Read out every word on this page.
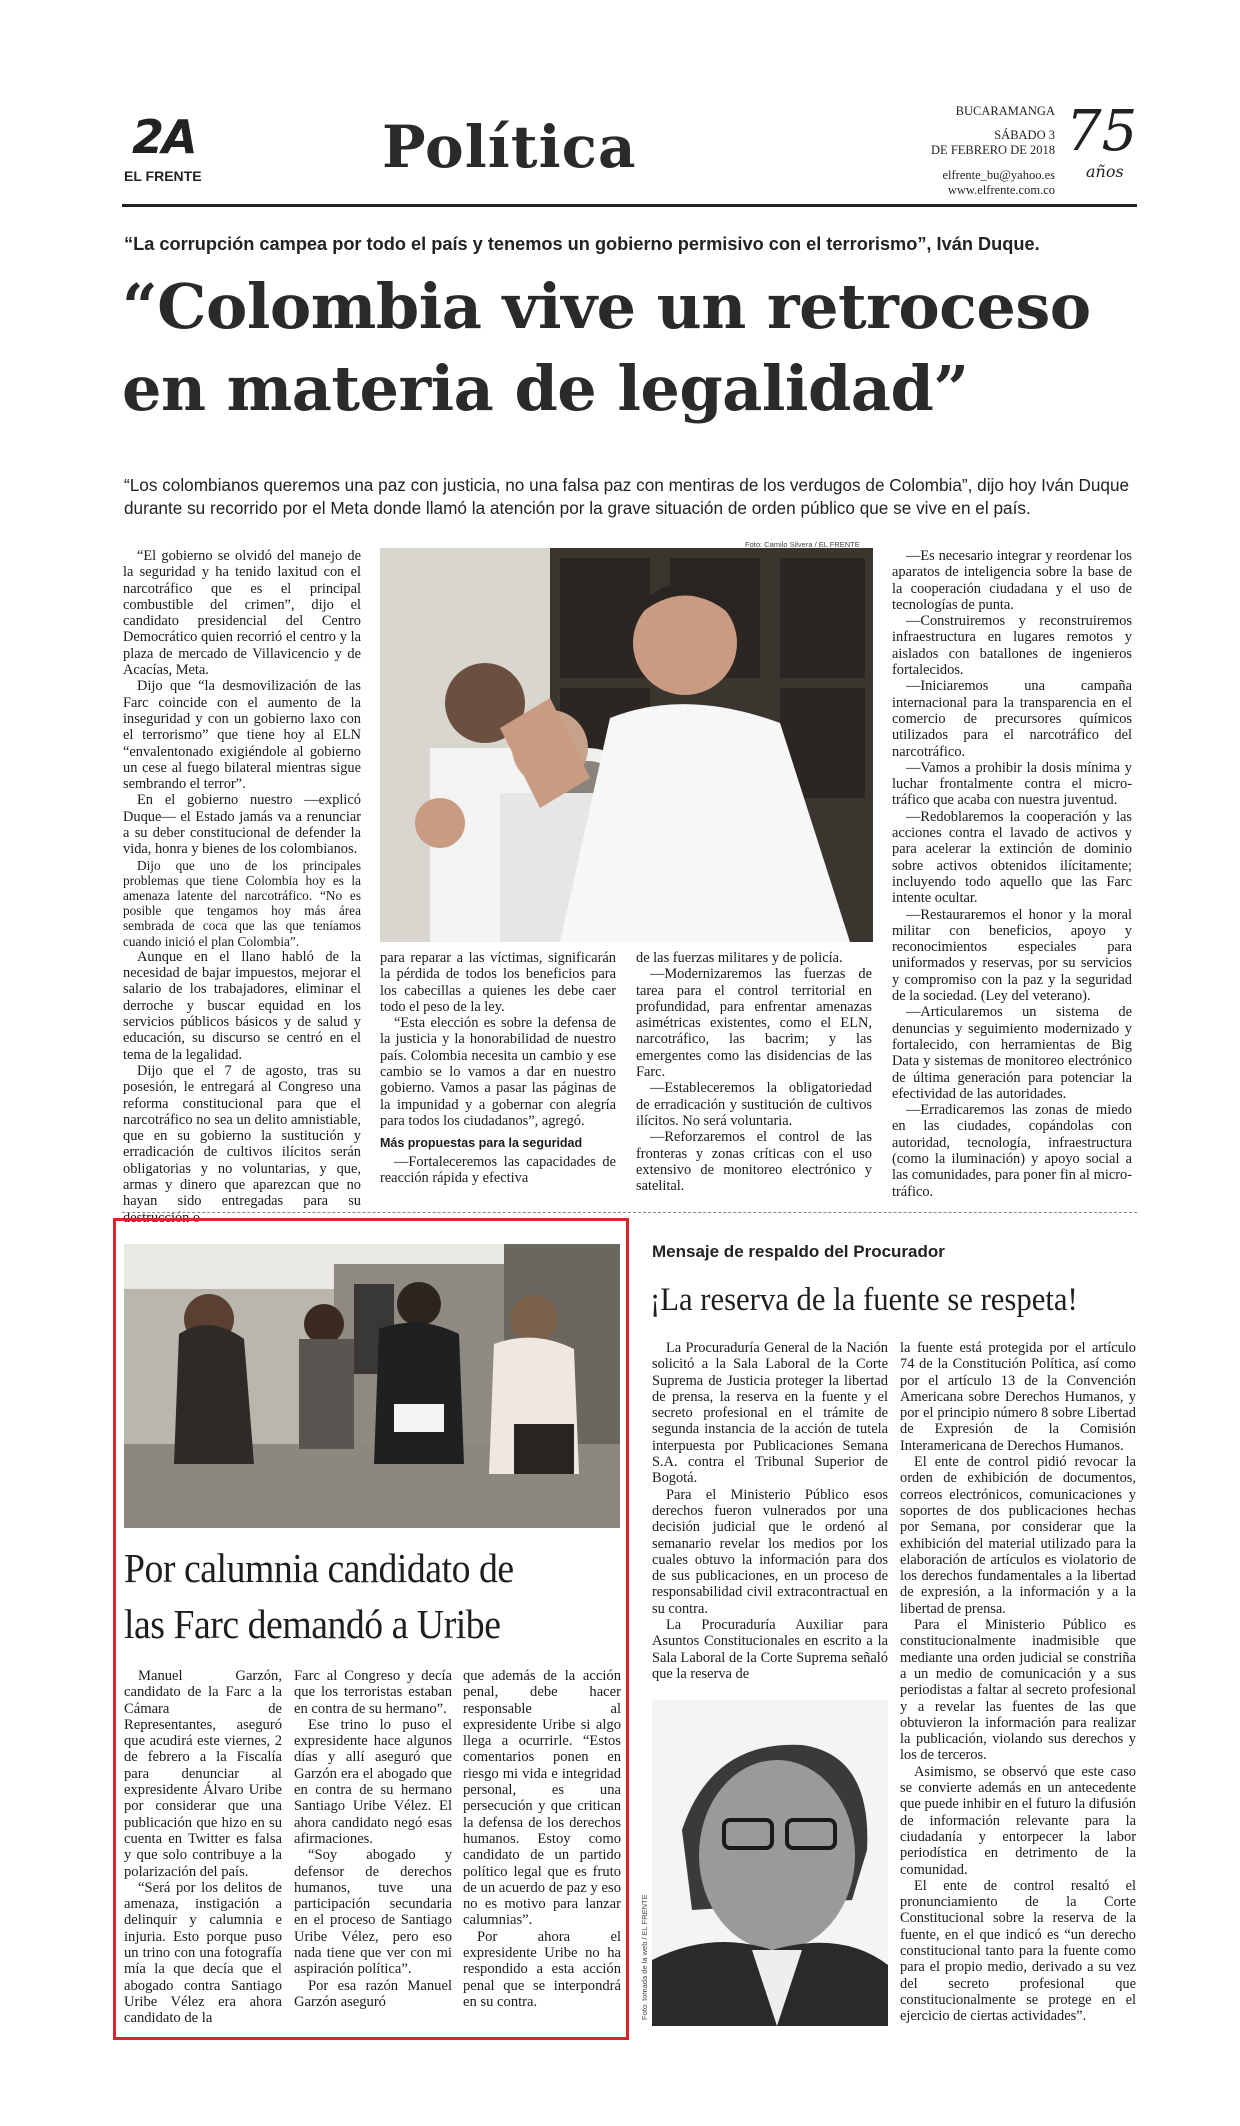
2A
EL FRENTE	Política
BUCARAMANGA
SÁBADO 3
DE FEBRERO DE 2018
elfrente_bu@yahoo.es
www.elfrente.com.co
75
años
“La corrupción campea por todo el país y tenemos un gobierno permisivo con el terrorismo”, Iván Duque.
“Colombia vive un retroceso
en materia de legalidad”
“Los colombianos queremos una paz con justicia, no una falsa paz con mentiras de los verdugos de Colombia”, dijo hoy Iván Duque
durante su recorrido por el Meta donde llamó la atención por la grave situación de orden público que se vive en el país.
Foto: Camilo Silvera / EL FRENTE

“El gobierno se olvidó del manejo de la seguridad y ha tenido laxitud con el narcotráfico que es el principal combustible del crimen”, dijo el candidato presidencial del Centro Democrático quien recorrió el centro y la plaza de mercado de Villavicencio y de Acacías, Meta.

Dijo que “la desmovilización de las Farc coincide con el aumento de la inseguridad y con un gobierno laxo con el terrorismo” que tiene hoy al ELN “envalentonado exigiéndole al gobierno un cese al fuego bilateral mientras sigue sembrando el terror”.

En el gobierno nuestro —explicó Duque— el Estado jamás va a renunciar a su deber constitucional de defender la vida, honra y bienes de los colombianos.

Dijo que uno de los principales problemas que tiene Colombia hoy es la amenaza latente del narcotráfico. “No es posible que tengamos hoy más área sembrada de coca que las que teníamos cuando inició el plan Colombia”.

Aunque en el llano habló de la necesidad de bajar impuestos, mejorar el salario de los trabajadores, eliminar el derroche y buscar equidad en los servicios públicos básicos y de salud y educación, su discurso se centró en el tema de la legalidad.

Dijo que el 7 de agosto, tras su posesión, le entregará al Congreso una reforma constitucional para que el narcotráfico no sea un delito amnistiable, que en su gobierno la sustitución y erradicación de cultivos ilícitos serán obligatorias y no voluntarias, y que, armas y dinero que aparezcan que no hayan sido entregadas para su destrucción o

para reparar a las víctimas, significarán la pérdida de todos los beneficios para los cabecillas a quienes les debe caer todo el peso de la ley.

“Esta elección es sobre la defensa de la justicia y la honorabilidad de nuestro país. Colombia necesita un cambio y ese cambio se lo vamos a dar en nuestro gobierno. Vamos a pasar las páginas de la impunidad y a gobernar con alegría para todos los ciudadanos”, agregó.

Más propuestas para la seguridad

—Fortaleceremos las capacidades de reacción rápida y efectiva

de las fuerzas militares y de policía.

—Modernizaremos las fuerzas de tarea para el control territorial en profundidad, para enfrentar amenazas asimétricas existentes, como el ELN, narcotráfico, las bacrim; y las emergentes como las disidencias de las Farc.

—Estableceremos la obligatoriedad de erradicación y sustitución de cultivos ilícitos. No será voluntaria.

—Reforzaremos el control de las fronteras y zonas críticas con el uso extensivo de monitoreo electrónico y satelital.

—Es necesario integrar y reordenar los aparatos de inteligencia sobre la base de la cooperación ciudadana y el uso de tecnologías de punta.

—Construiremos y reconstruiremos infraestructura en lugares remotos y aislados con batallones de ingenieros fortalecidos.

—Iniciaremos una campaña internacional para la transparencia en el comercio de precursores químicos utilizados para el narcotráfico del narcotráfico.

—Vamos a prohibir la dosis mínima y luchar frontalmente contra el micro- tráfico que acaba con nuestra juventud.

—Redoblaremos la cooperación y las acciones contra el lavado de activos y para acelerar la extinción de dominio sobre activos obtenidos ilícitamente; incluyendo todo aquello que las Farc intente ocultar.

—Restauraremos el honor y la moral militar con beneficios, apoyo y reconocimientos especiales para uniformados y reservas, por su servicios y compromiso con la paz y la seguridad de la sociedad. (Ley del veterano).

—Articularemos un sistema de denuncias y seguimiento modernizado y fortalecido, con herramientas de Big Data y sistemas de monitoreo electrónico de última generación para potenciar la efectividad de las autoridades.

—Erradicaremos las zonas de miedo en las ciudades, copándolas con autoridad, tecnología, infraestructura (como la iluminación) y apoyo social a las comunidades, para poner fin al micro-tráfico.

Por calumnia candidato de
las Farc demandó a Uribe

Manuel Garzón, candidato de la Farc a la Cámara de Representantes, aseguró que acudirá este viernes, 2 de febrero a la Fiscalía para denunciar al expresidente Álvaro Uribe por considerar que una publicación que hizo en su cuenta en Twitter es falsa y que solo contribuye a la polarización del país.

“Será por los delitos de amenaza, instigación a delinquir y calumnia e injuria. Esto porque puso un trino con una fotografía mía la que decía que el abogado contra Santiago Uribe Vélez era ahora candidato de la

Farc al Congreso y decía que los terroristas estaban en contra de su hermano”.

Ese trino lo puso el expresidente hace algunos días y allí aseguró que Garzón era el abogado que en contra de su hermano Santiago Uribe Vélez. El ahora candidato negó esas afirmaciones.

“Soy abogado y defensor de derechos humanos, tuve una participación secundaria en el proceso de Santiago Uribe Vélez, pero eso nada tiene que ver con mi aspiración política”.

Por esa razón Manuel Garzón aseguró

que además de la acción penal, debe hacer responsable al expresidente Uribe si algo llega a ocurrirle. “Estos comentarios ponen en riesgo mi vida e integridad personal, es una persecución y que critican la defensa de los derechos humanos. Estoy como candidato de un partido político legal que es fruto de un acuerdo de paz y eso no es motivo para lanzar calumnias”.

Por ahora el expresidente Uribe no ha respondido a esta acción penal que se interpondrá en su contra.

Mensaje de respaldo del Procurador
¡La reserva de la fuente se respeta!

La Procuraduría General de la Nación solicitó a la Sala Laboral de la Corte Suprema de Justicia proteger la libertad de prensa, la reserva en la fuente y el secreto profesional en el trámite de segunda instancia de la acción de tutela interpuesta por Publicaciones Semana S.A. contra el Tribunal Superior de Bogotá.

Para el Ministerio Público esos derechos fueron vulnerados por una decisión judicial que le ordenó al semanario revelar los medios por los cuales obtuvo la información para dos de sus publicaciones, en un proceso de responsabilidad civil extracontractual en su contra.

La Procuraduría Auxiliar para Asuntos Constitucionales en escrito a la Sala Laboral de la Corte Suprema señaló que la reserva de

Foto: tomada de la web / EL FRENTE

la fuente está protegida por el artículo 74 de la Constitución Política, así como por el artículo 13 de la Convención Americana sobre Derechos Humanos, y por el principio número 8 sobre Libertad de Expresión de la Comisión Interamericana de Derechos Humanos.

El ente de control pidió revocar la orden de exhibición de documentos, correos electrónicos, comunicaciones y soportes de dos publicaciones hechas por Semana, por considerar que la exhibición del material utilizado para la elaboración de artículos es violatorio de los derechos fundamentales a la libertad de expresión, a la información y a la libertad de prensa.

Para el Ministerio Público es constitucionalmente inadmisible que mediante una orden judicial se constriña a un medio de comunicación y a sus periodistas a faltar al secreto profesional y a revelar las fuentes de las que obtuvieron la información para realizar la publicación, violando sus derechos y los de terceros.

Asimismo, se observó que este caso se convierte además en un antecedente que puede inhibir en el futuro la difusión de información relevante para la ciudadanía y entorpecer la labor periodística en detrimento de la comunidad.

El ente de control resaltó el pronunciamiento de la Corte Constitucional sobre la reserva de la fuente, en el que indicó es “un derecho constitucional tanto para la fuente como para el propio medio, derivado a su vez del secreto profesional que constitucionalmente se protege en el ejercicio de ciertas actividades”.
